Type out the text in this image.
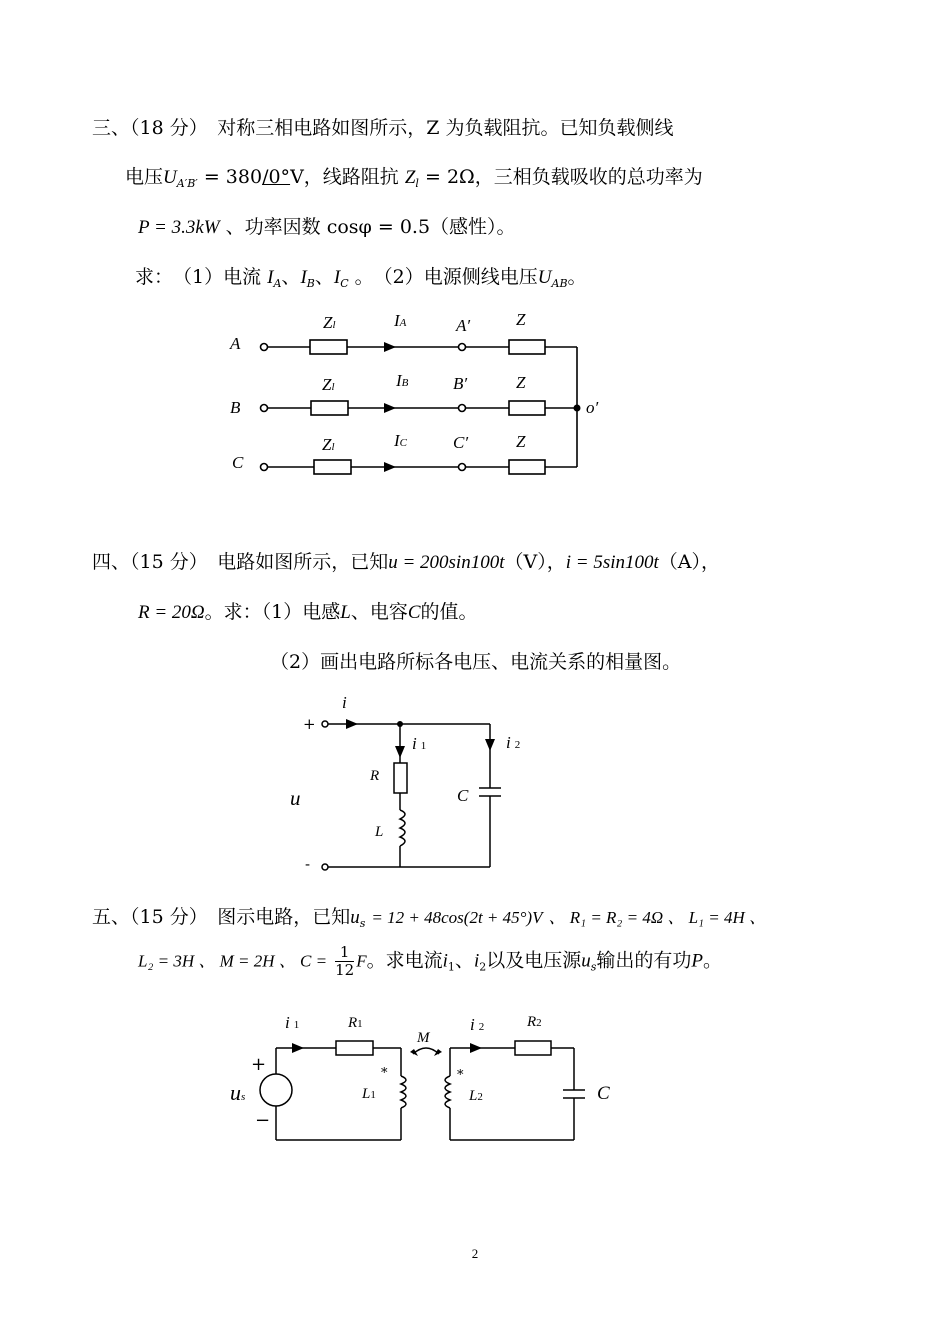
三、（18 分）　对称三相电路如图所示，Z 为负载阻抗。已知负载侧线
电压$U_{A'B'} = 380/0^\circ V$，线路阻抗 $Z_l = 2\Omega$，三相负载吸收的总功率为
P = 3.3kW 、功率因数 cosφ = 0.5（感性）。
求：　（1）电流 $I_A$、$I_B$、$I_C$ 。　（2）电源侧线电压$U_{AB}$。
A
B
C
Zl
Zl
Zl
IA
IB
IC
A′
B′
C′
Z
Z
Z
o′
四、（15 分）　电路如图所示，已知u = 200sin100t（V），i = 5sin100t（A），
R = 20Ω。求：（1）电感L、电容C的值。
（2）画出电路所标各电压、电流关系的相量图。
+
-
u
i
i 1	i 2
R
L
C
五、（15 分）　图示电路，已知$u_s = 12 + 48\cos(2t + 45^\circ)V$ 、 R₁ = R₂ = 4Ω 、 L₁ = 4H 、
L₂ = 3H 、 M = 2H 、 $C = \frac{1}{12}$ F。求电流$i_1$、$i_2$以及电压源$u_s$输出的有功P。
i 1	R1
M
i 2	R2
+
−
us
*	*
L1	L2	C
2
